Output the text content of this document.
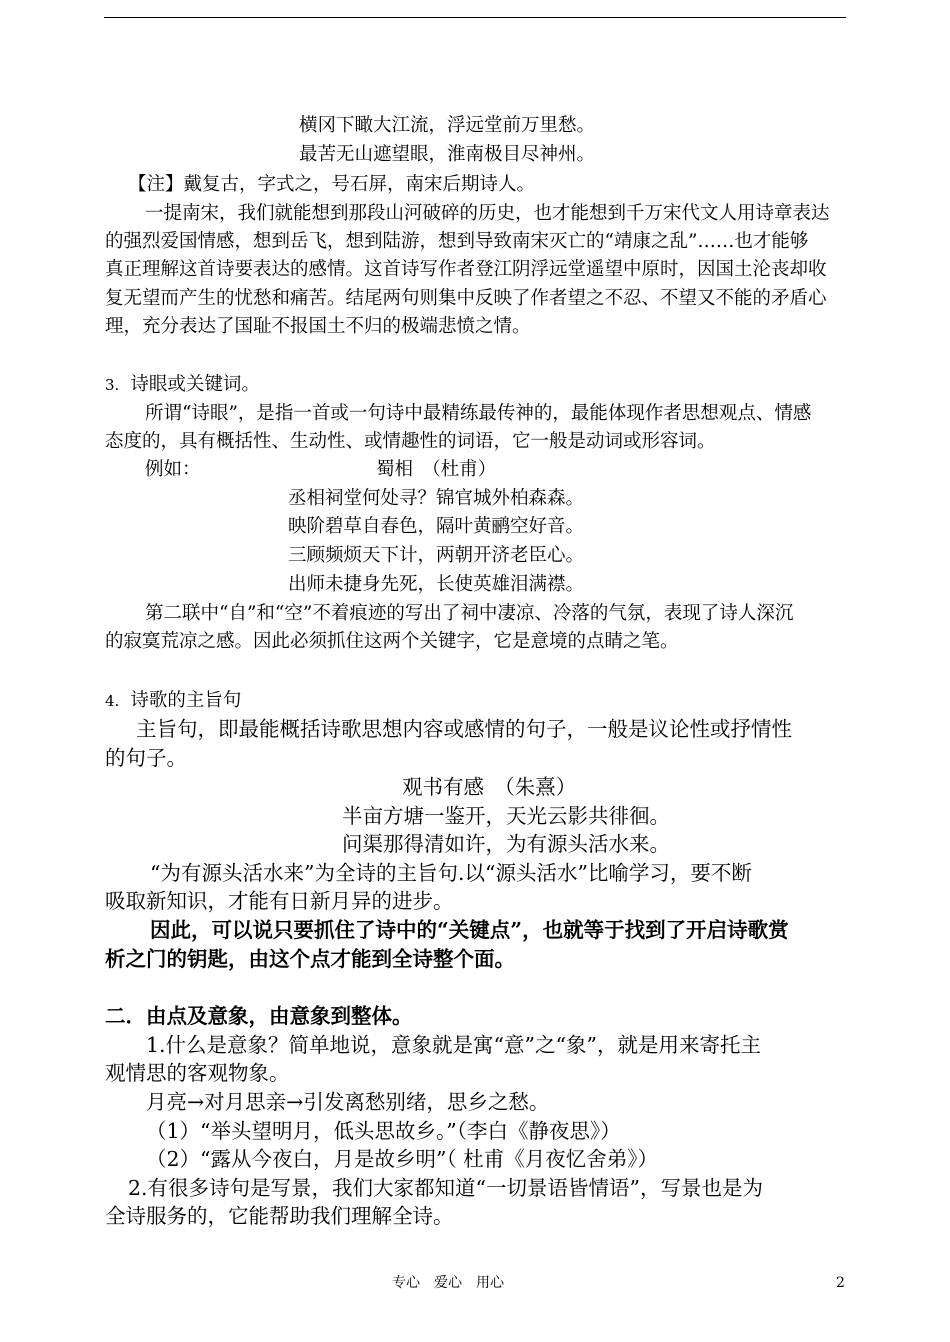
横冈下瞰大江流，浮远堂前万里愁。
最苦无山遮望眼，淮南极目尽神州。
【注】戴复古，字式之，号石屏，南宋后期诗人。
一提南宋，我们就能想到那段山河破碎的历史，也才能想到千万宋代文人用诗章表达
的强烈爱国情感，想到岳飞，想到陆游，想到导致南宋灭亡的“靖康之乱”……也才能够
真正理解这首诗要表达的感情。这首诗写作者登江阴浮远堂遥望中原时，因国土沦丧却收
复无望而产生的忧愁和痛苦。结尾两句则集中反映了作者望之不忍、不望又不能的矛盾心
理，充分表达了国耻不报国土不归的极端悲愤之情。
3. 诗眼或关键词。
所谓“诗眼”，是指一首或一句诗中最精练最传神的，最能体现作者思想观点、情感
态度的，具有概括性、生动性、或情趣性的词语，它一般是动词或形容词。
例如：	蜀相　（杜甫）
丞相祠堂何处寻？锦官城外柏森森。
映阶碧草自春色，隔叶黄鹂空好音。
三顾频烦天下计，两朝开济老臣心。
出师未捷身先死，长使英雄泪满襟。
第二联中“自”和“空”不着痕迹的写出了祠中凄凉、冷落的气氛，表现了诗人深沉
的寂寞荒凉之感。因此必须抓住这两个关键字，它是意境的点睛之笔。
4. 诗歌的主旨句
主旨句，即最能概括诗歌思想内容或感情的句子，一般是议论性或抒情性
的句子。
观书有感　（朱熹）
半亩方塘一鉴开，天光云影共徘徊。
问渠那得清如许，为有源头活水来。
“为有源头活水来”为全诗的主旨句.以“源头活水”比喻学习，要不断
吸取新知识，才能有日新月异的进步。
因此，可以说只要抓住了诗中的“关键点”，也就等于找到了开启诗歌赏
析之门的钥匙，由这个点才能到全诗整个面。
二．由点及意象，由意象到整体。
1.什么是意象？简单地说，意象就是寓“意”之“象”，就是用来寄托主
观情思的客观物象。
月亮→对月思亲→引发离愁别绪，思乡之愁。
（1）“举头望明月，低头思故乡。”（李白《静夜思》）
（2）“露从今夜白，月是故乡明”（ 杜甫《月夜忆舍弟》）
2.有很多诗句是写景，我们大家都知道“一切景语皆情语”，写景也是为
全诗服务的，它能帮助我们理解全诗。
专心　爱心　用心	2
